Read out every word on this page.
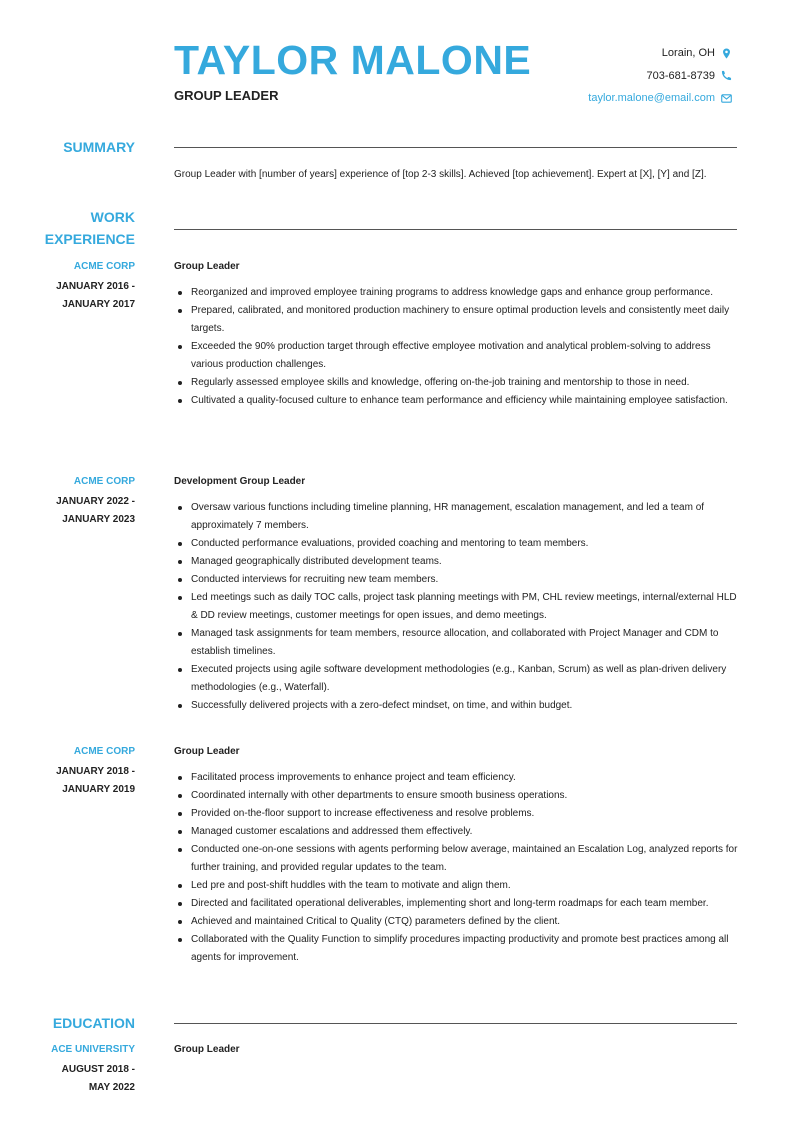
TAYLOR MALONE
GROUP LEADER
Lorain, OH
703-681-8739
taylor.malone@email.com
SUMMARY
Group Leader with [number of years] experience of [top 2-3 skills]. Achieved [top achievement]. Expert at [X], [Y] and [Z].
WORK
EXPERIENCE
ACME CORP
JANUARY 2016 -
JANUARY 2017
Group Leader
Reorganized and improved employee training programs to address knowledge gaps and enhance group performance.
Prepared, calibrated, and monitored production machinery to ensure optimal production levels and consistently meet daily targets.
Exceeded the 90% production target through effective employee motivation and analytical problem-solving to address various production challenges.
Regularly assessed employee skills and knowledge, offering on-the-job training and mentorship to those in need.
Cultivated a quality-focused culture to enhance team performance and efficiency while maintaining employee satisfaction.
ACME CORP
JANUARY 2022 -
JANUARY 2023
Development Group Leader
Oversaw various functions including timeline planning, HR management, escalation management, and led a team of approximately 7 members.
Conducted performance evaluations, provided coaching and mentoring to team members.
Managed geographically distributed development teams.
Conducted interviews for recruiting new team members.
Led meetings such as daily TOC calls, project task planning meetings with PM, CHL review meetings, internal/external HLD & DD review meetings, customer meetings for open issues, and demo meetings.
Managed task assignments for team members, resource allocation, and collaborated with Project Manager and CDM to establish timelines.
Executed projects using agile software development methodologies (e.g., Kanban, Scrum) as well as plan-driven delivery methodologies (e.g., Waterfall).
Successfully delivered projects with a zero-defect mindset, on time, and within budget.
ACME CORP
JANUARY 2018 -
JANUARY 2019
Group Leader
Facilitated process improvements to enhance project and team efficiency.
Coordinated internally with other departments to ensure smooth business operations.
Provided on-the-floor support to increase effectiveness and resolve problems.
Managed customer escalations and addressed them effectively.
Conducted one-on-one sessions with agents performing below average, maintained an Escalation Log, analyzed reports for further training, and provided regular updates to the team.
Led pre and post-shift huddles with the team to motivate and align them.
Directed and facilitated operational deliverables, implementing short and long-term roadmaps for each team member.
Achieved and maintained Critical to Quality (CTQ) parameters defined by the client.
Collaborated with the Quality Function to simplify procedures impacting productivity and promote best practices among all agents for improvement.
EDUCATION
ACE UNIVERSITY
AUGUST 2018 -
MAY 2022
Group Leader
